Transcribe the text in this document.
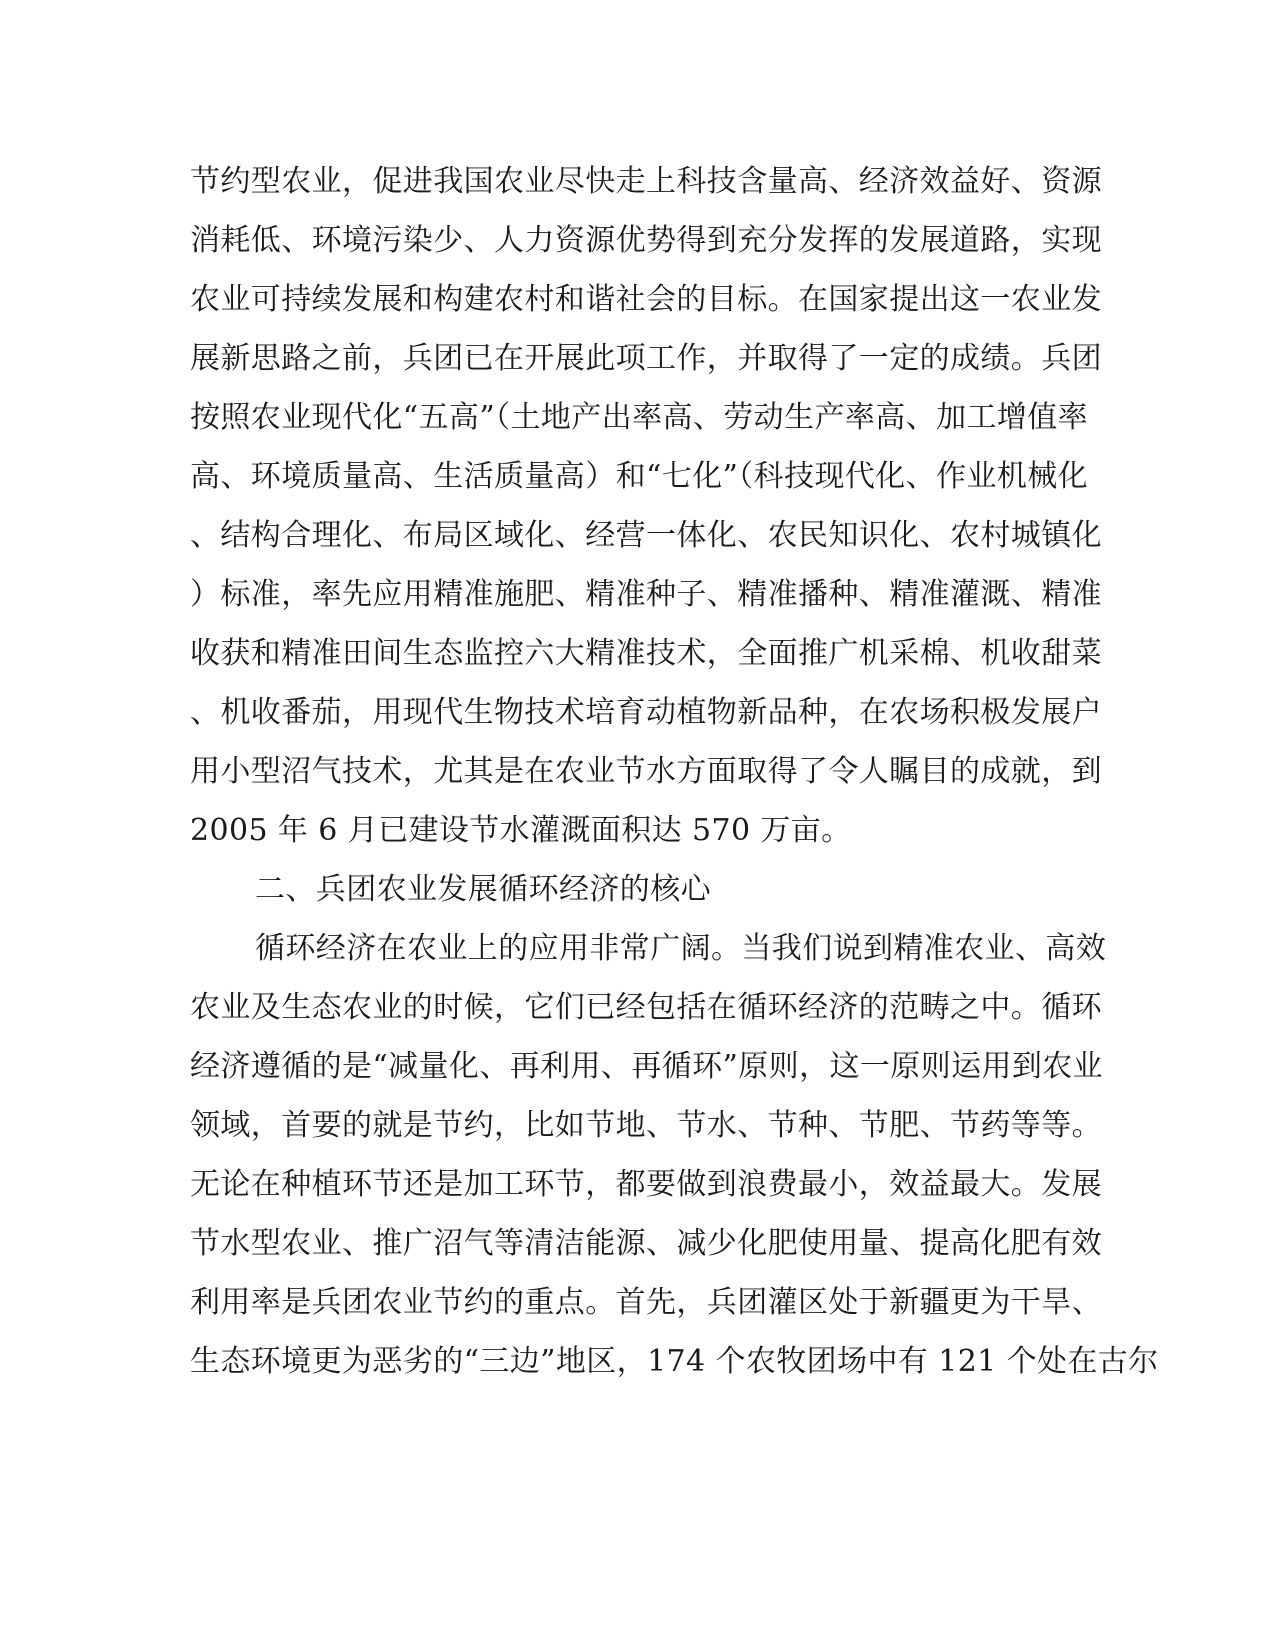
节约型农业，促进我国农业尽快走上科技含量高、经济效益好、资源
消耗低、环境污染少、人力资源优势得到充分发挥的发展道路，实现
农业可持续发展和构建农村和谐社会的目标。在国家提出这一农业发
展新思路之前，兵团已在开展此项工作，并取得了一定的成绩。兵团
按照农业现代化“五高”（土地产出率高、劳动生产率高、加工增值率
高、环境质量高、生活质量高）和“七化”（科技现代化、作业机械化
、结构合理化、布局区域化、经营一体化、农民知识化、农村城镇化
）标准，率先应用精准施肥、精准种子、精准播种、精准灌溉、精准
收获和精准田间生态监控六大精准技术，全面推广机采棉、机收甜菜
、机收番茄，用现代生物技术培育动植物新品种，在农场积极发展户
用小型沼气技术，尤其是在农业节水方面取得了令人瞩目的成就，到
2005 年 6 月已建设节水灌溉面积达 570 万亩。
二、兵团农业发展循环经济的核心
循环经济在农业上的应用非常广阔。当我们说到精准农业、高效
农业及生态农业的时候，它们已经包括在循环经济的范畴之中。循环
经济遵循的是“减量化、再利用、再循环”原则，这一原则运用到农业
领域，首要的就是节约，比如节地、节水、节种、节肥、节药等等。
无论在种植环节还是加工环节，都要做到浪费最小，效益最大。发展
节水型农业、推广沼气等清洁能源、减少化肥使用量、提高化肥有效
利用率是兵团农业节约的重点。首先，兵团灌区处于新疆更为干旱、
生态环境更为恶劣的“三边”地区，174 个农牧团场中有 121 个处在古尔
